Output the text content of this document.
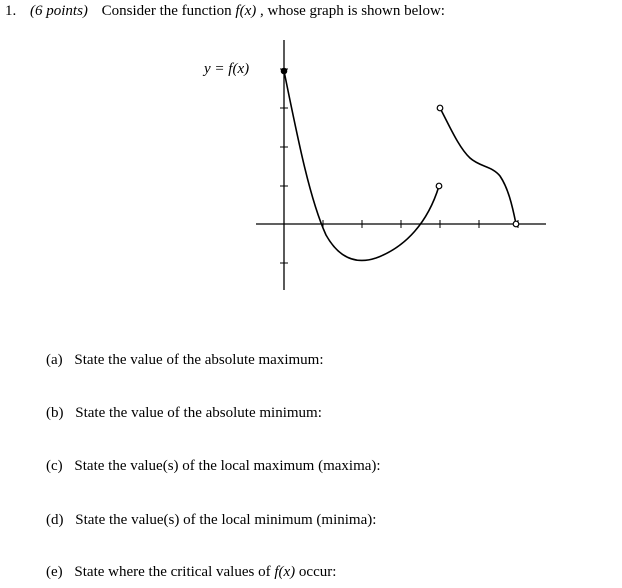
1. (6 points) Consider the function f(x) , whose graph is shown below:
y = f(x)
(a) State the value of the absolute maximum:
(b) State the value of the absolute minimum:
(c) State the value(s) of the local maximum (maxima):
(d) State the value(s) of the local minimum (minima):
(e) State where the critical values of f(x) occur:
